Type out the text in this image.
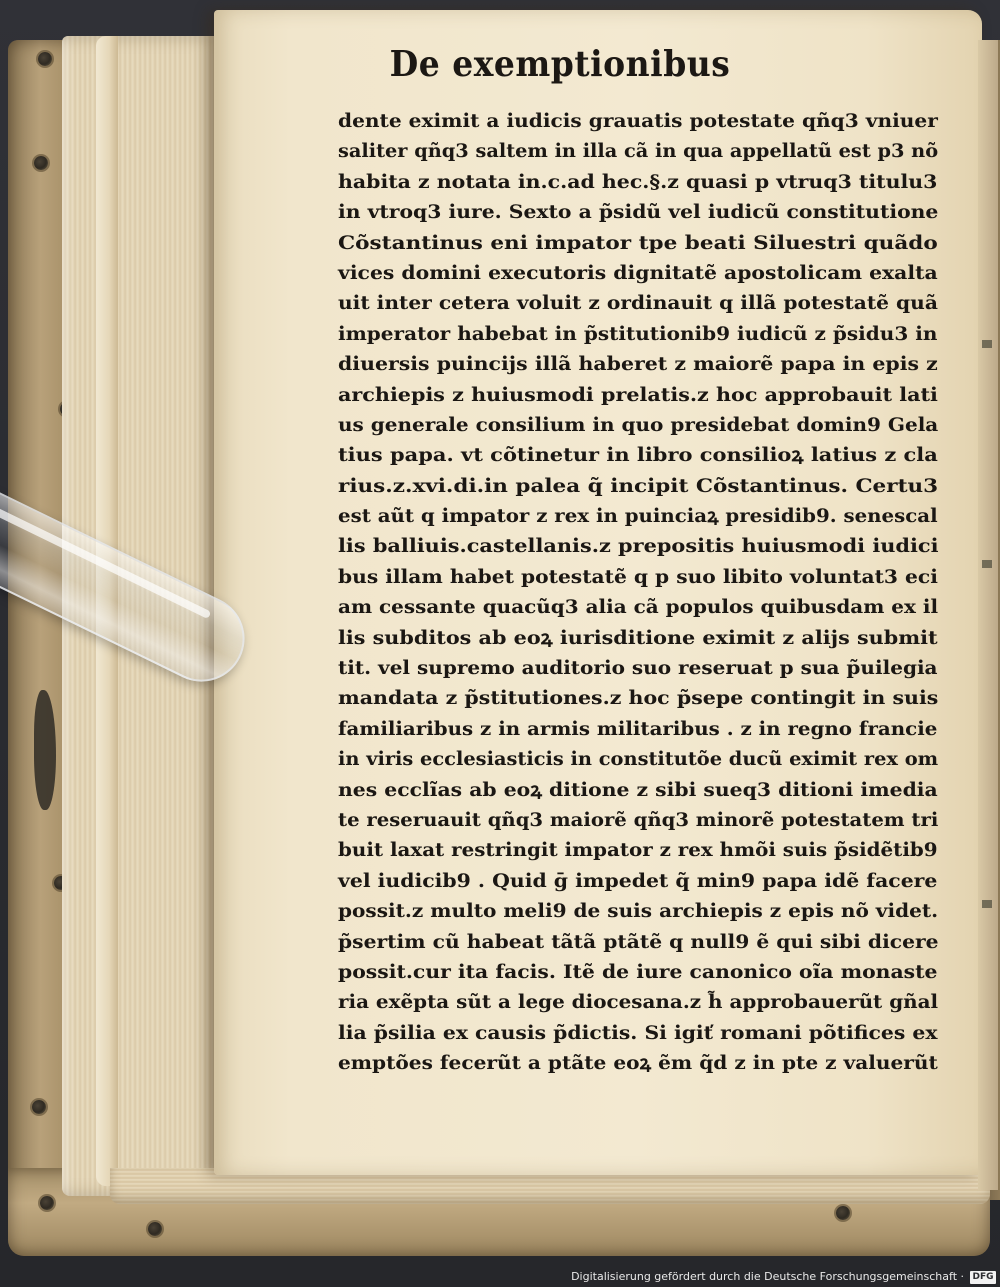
De exemptionibus
dente eximit a iudicis grauatis potestate qñq3 vniuer
saliter qñq3 saltem in illa cã in qua appellatũ est p3 nõ
habita z notata in.c.ad hec.§.z quasi p vtruq3 titulu3
in vtroq3 iure. Sexto a p̃sidũ vel iudicũ constitutione
Cõstantinus eni impator tpe beati Siluestri quãdo
vices domini executoris dignitatẽ apostolicam exalta
uit inter cetera voluit z ordinauit q illã potestatẽ quã
imperator habebat in p̃stitutionib9 iudicũ z p̃sidu3 in
diuersis puincijs illã haberet z maiorẽ papa in epis z
archiepis z huiusmodi prelatis.z hoc approbauit lati
us generale consilium in quo presidebat domin9 Gela
tius papa. vt cõtinetur in libro consilioꝝ latius z cla
rius.z.xvi.di.in palea q̃ incipit Cõstantinus. Certu3
est aũt q impator z rex in puinciaꝝ presidib9. senescal
lis balliuis.castellanis.z prepositis huiusmodi iudici
bus illam habet potestatẽ q p suo libito voluntat3 eci
am cessante quacũq3 alia cã populos quibusdam ex il
lis subditos ab eoꝝ iurisditione eximit z alijs submit
tit. vel supremo auditorio suo reseruat p sua p̃uilegia
mandata z p̃stitutiones.z hoc p̃sepe contingit in suis
familiaribus z in armis militaribus . z in regno francie
in viris ecclesiasticis in constitutõe ducũ eximit rex om
nes ecclĩas ab eoꝝ ditione z sibi sueq3 ditioni imedia
te reseruauit qñq3 maiorẽ qñq3 minorẽ potestatem tri
buit laxat restringit impator z rex hmõi suis p̃sidẽtib9
vel iudicib9 . Quid ḡ impedet q̃ min9 papa idẽ facere
possit.z multo meli9 de suis archiepis z epis nõ videt.
p̃sertim cũ habeat tãtã ptãtẽ q null9 ẽ qui sibi dicere
possit.cur ita facis. Itẽ de iure canonico oĩa monaste
ria exẽpta sũt a lege diocesana.z h̃ approbauerũt gñal
lia p̃silia ex causis p̃dictis. Si igiť romani põtifices ex
emptões fecerũt a ptãte eoꝝ ẽm q̃d z in pte z valuerũt
Digitalisierung gefördert durch die Deutsche Forschungsgemeinschaft · DFG
